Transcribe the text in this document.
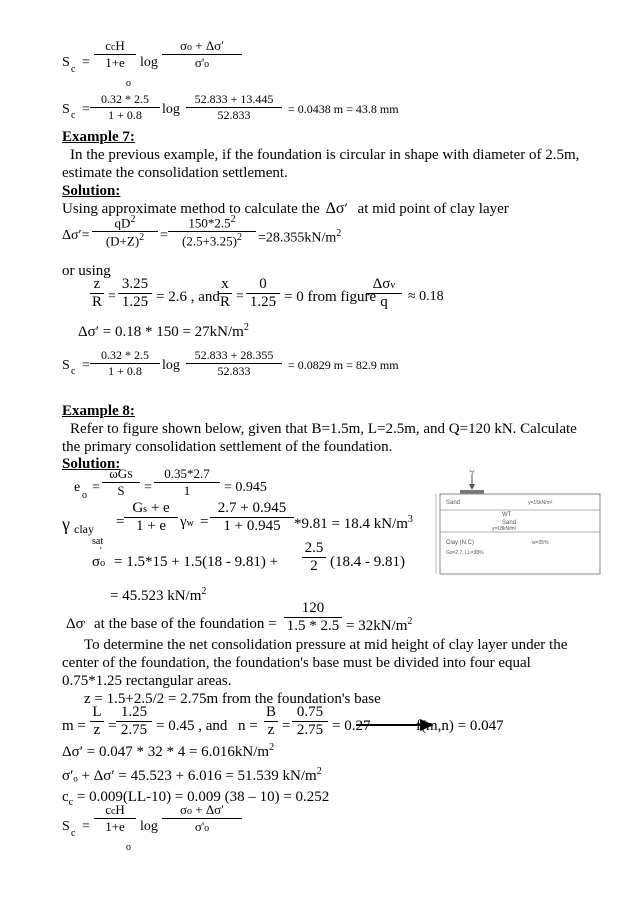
S c =
ccH
1+e
o
log
σo + Δσ′
σ'o
S c =
0.32 * 2.5
1 + 0.8	log
52.833 + 13.445
52.833	= 0.0438 m = 43.8 mm
Example 7:
In the previous example, if the foundation is circular in shape with diameter of 2.5m,
estimate the consolidation settlement.
Solution:
Using approximate method to calculate the Δσ′ at mid point of clay layer
Δσ′=
$qD^2$
$(D+Z)^2$	=
$150*2.5^2$
$(2.5+3.25)^2$	$=28.355kN/m^2$
or using
z
R =
3.25
1.25 = 2.6 , and
x
R =
0
1.25 = 0 from figure
Δσv
q	≈ 0.18
$\Delta\sigma' = 0.18 * 150 = 27kN/m^2$
S c =
0.32 * 2.5
1 + 0.8	log
52.833 + 28.355
52.833	= 0.0829 m = 82.9 mm
Example 8:
Refer to figure shown below, given that B=1.5m, L=2.5m, and Q=120 kN. Calculate
the primary consolidation settlement of the foundation.
Solution:
e
o
=
ωGS
S	=
0.35*2.7
1	= 0.945
γ clay
sat
=
Gs + e
1 + e γw =
2.7 + 0.945
1 + 0.945 *9.81 = 18.4 $kN/m^3$
σo
'
= 1.5*15 + 1.5(18 - 9.81) +
2.5
2 (18.4 - 9.81)
= 45.523 $kN/m^2$
Δσ' at the base of the foundation =
120
$1.5 * 2.5 = 32kN/m^2$
To determine the net consolidation pressure at mid height of clay layer under the
center of the foundation, the foundation's base must be divided into four equal
0.75*1.25 rectangular areas.
z = 1.5+2.5/2 = 2.75m from the foundation's base
m =
L
z =
1.25
2.75 = 0.45 , and n =
B
z =
0.75
2.75 = 0.27	f(m,n) = 0.047
$\Delta\sigma' = 0.047 * 32 * 4 = 6.016kN/m^2$
σ′ₒ + Δσ′ = 45.523 + 6.016 = 51.539 $kN/m^2$
$c_c = 0.009(LL-10) = 0.009$ (38 – 10) = 0.252
S c =
ccH
1+e
o
log
σo + Δσ′
σ'o
Q
Sand	γ=15kN/m³
WT
Sand
γ=18kN/m³
Clay (N.C)	w=35%
Gs=2.7, LL=38%
